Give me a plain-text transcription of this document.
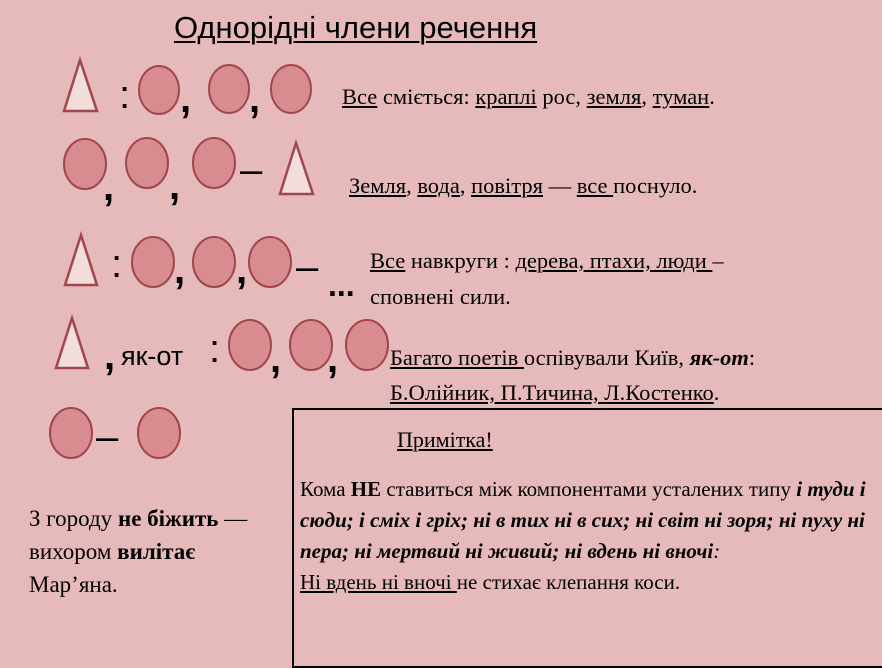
Однорідні члени речення
: , ,
, , –
: , , – ...
, як-от : , ,
–
Все сміється: краплі рос, земля, туман.
Земля, вода, повітря — все поснуло.
Все навкруги : дерева, птахи, люди –
сповнені сили.
Багато поетів оспівували Київ, як-от:
Б.Олійник, П.Тичина, Л.Костенко.
З городу не біжить — вихором вилітає Мар’яна.
Примітка!
Кома НЕ ставиться між компонентами усталених типу і туди і сюди; і сміх і гріх; ні в тих ні в сих; ні світ ні зоря; ні пуху ні пера; ні мертвий ні живий; ні вдень ні вночі:
Ні вдень ні вночі не стихає клепання коси.
